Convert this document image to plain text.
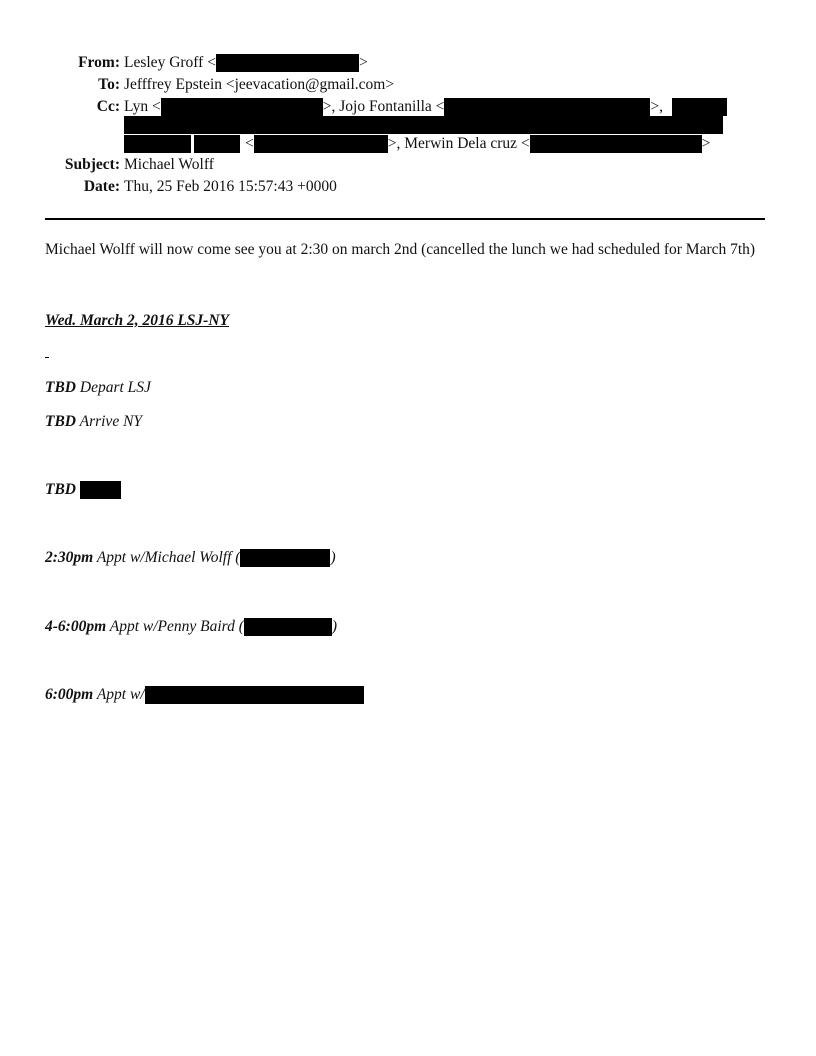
From: Lesley Groff <	>
To: Jefffrey Epstein <jeevacation@gmail.com>
Cc: Lyn <	>, Jojo Fontanilla <	>,
<	>, Merwin Dela cruz <	>
Subject: Michael Wolff
Date: Thu, 25 Feb 2016 15:57:43 +0000
Michael Wolff will now come see you at 2:30 on march 2nd (cancelled the lunch we had scheduled for March 7th)
Wed. March 2, 2016 LSJ-NY
TBD Depart LSJ
TBD Arrive NY
TBD
2:30pm Appt w/Michael Wolff (	)
4-6:00pm Appt w/Penny Baird (	)
6:00pm Appt w/
